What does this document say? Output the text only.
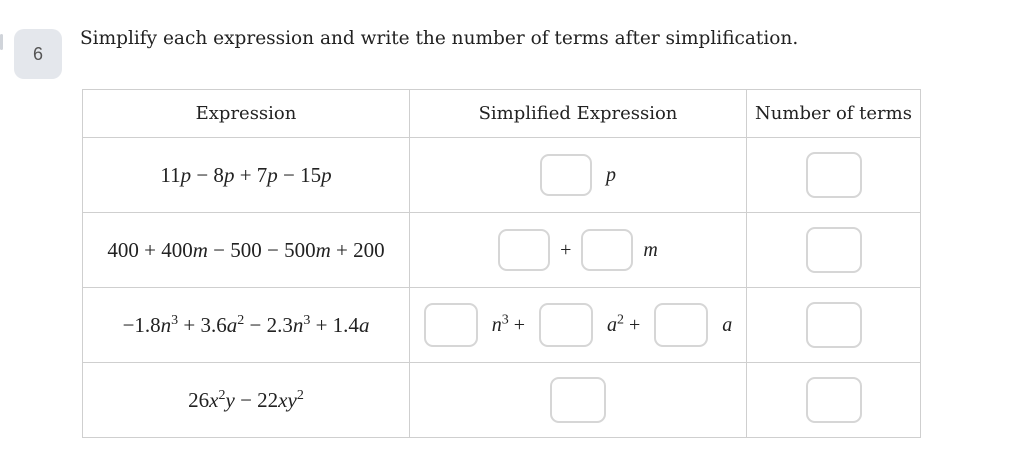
6
Simplify each expression and write the number of terms after simplification.
Expression	Simplified Expression	Number of terms
11p − 8p + 7p − 15p	p	

400 + 400m − 500 − 500m + 200	+ m	

$-1.8n^3 + 3.6a^2 - 2.3n^3 + 1.4a$	$n^3 + a^2 + a$	

$26x^2y - 22xy^2$	
